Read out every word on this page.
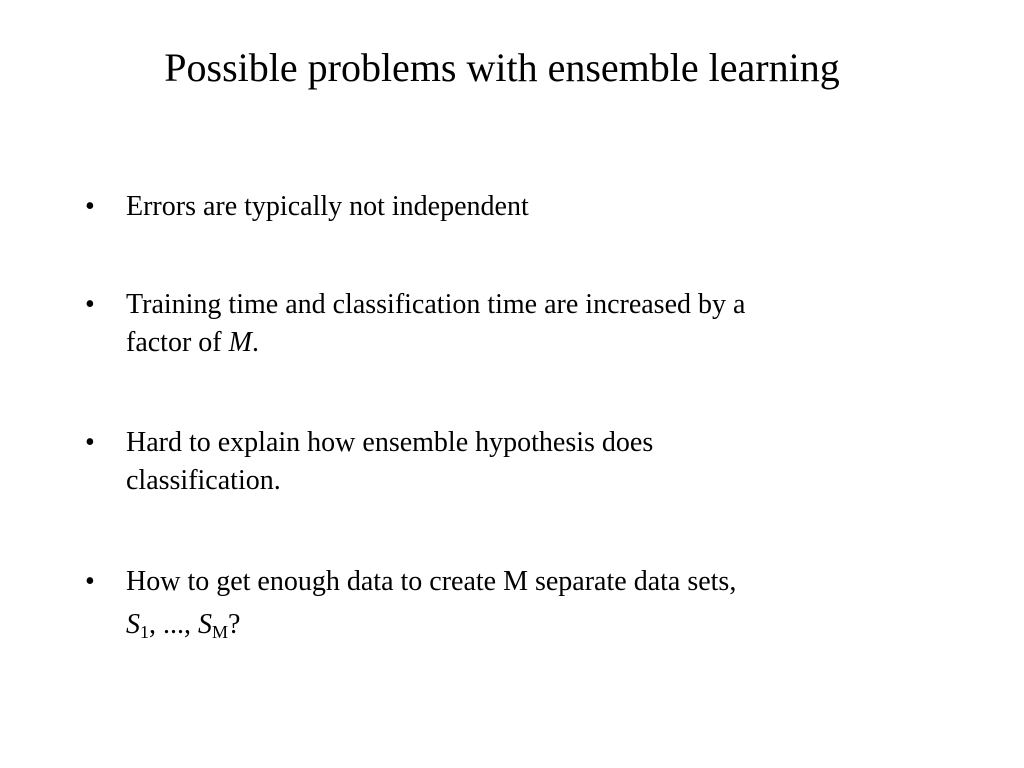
Possible problems with ensemble learning
•	Errors are typically not independent
•	Training time and classification time are increased by a
factor of M.
•	Hard to explain how ensemble hypothesis does
classification.
•	How to get enough data to create M separate data sets,
$S_1$, ..., $S_M$?
